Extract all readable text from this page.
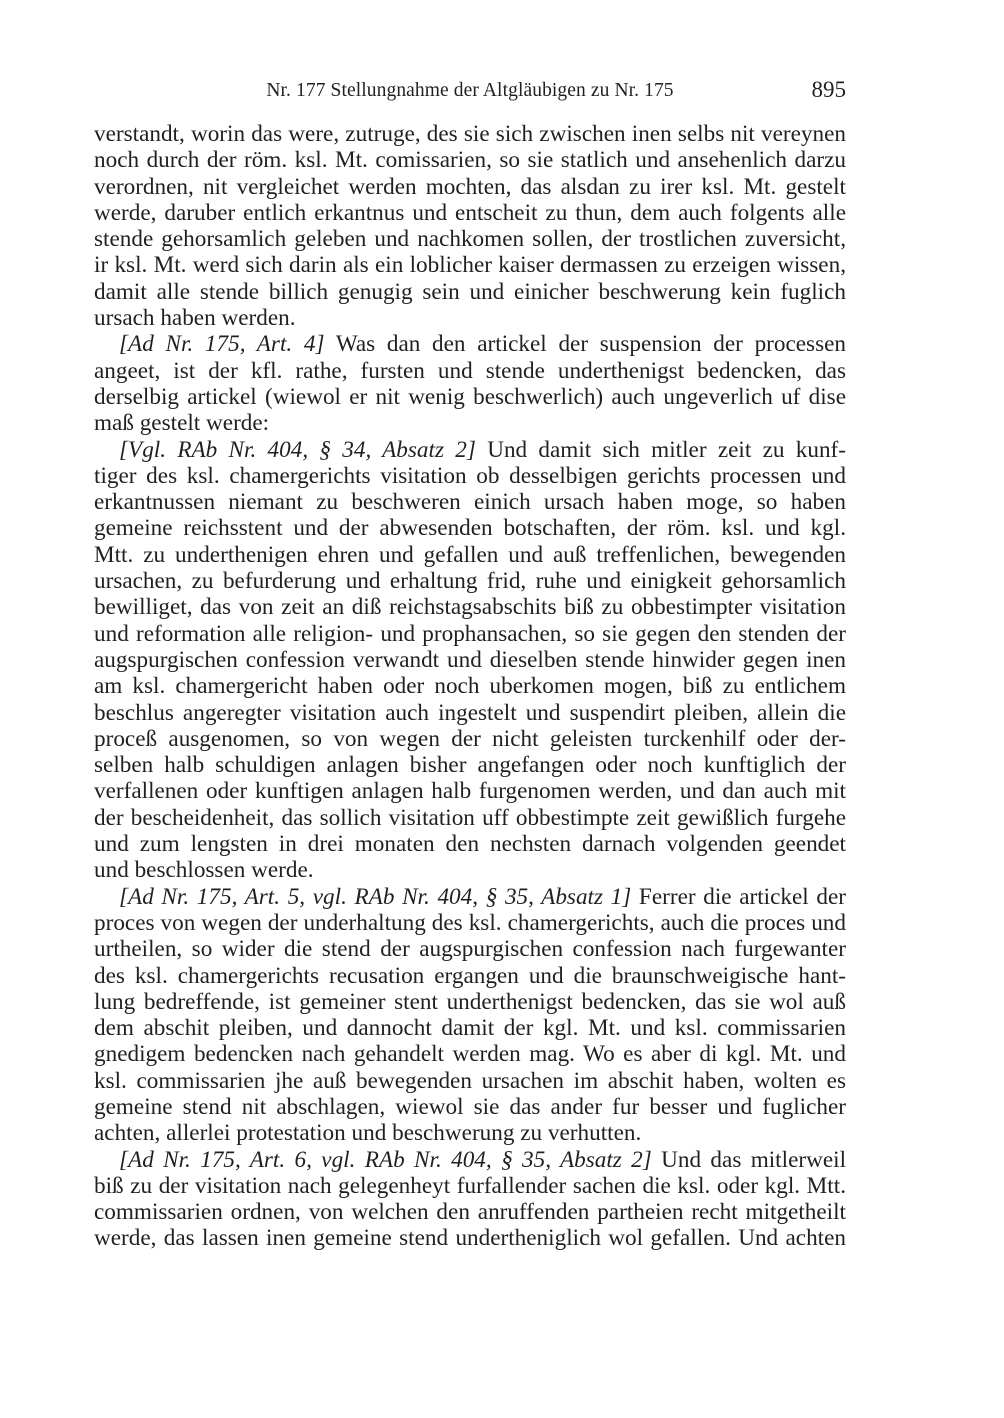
Nr. 177 Stellungnahme der Altgläubigen zu Nr. 175	895
verstandt, worin das were, zutruge, des sie sich zwischen inen selbs nit vereynen
noch durch der röm. ksl. Mt. comissarien, so sie statlich und ansehenlich darzu
verordnen, nit vergleichet werden mochten, das alsdan zu irer ksl. Mt. gestelt
werde, daruber entlich erkantnus und entscheit zu thun, dem auch folgents alle
stende gehorsamlich geleben und nachkomen sollen, der trostlichen zuversicht,
ir ksl. Mt. werd sich darin als ein loblicher kaiser dermassen zu erzeigen wissen,
damit alle stende billich genugig sein und einicher beschwerung kein fuglich
ursach haben werden.
[Ad Nr. 175, Art. 4] Was dan den artickel der suspension der processen
angeet, ist der kfl. rathe, fursten und stende underthenigst bedencken, das
derselbig artickel (wiewol er nit wenig beschwerlich) auch ungeverlich uf dise
maß gestelt werde:
[Vgl. RAb Nr. 404, § 34, Absatz 2] Und damit sich mitler zeit zu kunf-
tiger des ksl. chamergerichts visitation ob desselbigen gerichts processen und
erkantnussen niemant zu beschweren einich ursach haben moge, so haben
gemeine reichsstent und der abwesenden botschaften, der röm. ksl. und kgl.
Mtt. zu underthenigen ehren und gefallen und auß treffenlichen, bewegenden
ursachen, zu befurderung und erhaltung frid, ruhe und einigkeit gehorsamlich
bewilliget, das von zeit an diß reichstagsabschits biß zu obbestimpter visitation
und reformation alle religion- und prophansachen, so sie gegen den stenden der
augspurgischen confession verwandt und dieselben stende hinwider gegen inen
am ksl. chamergericht haben oder noch uberkomen mogen, biß zu entlichem
beschlus angeregter visitation auch ingestelt und suspendirt pleiben, allein die
proceß ausgenomen, so von wegen der nicht geleisten turckenhilf oder der-
selben halb schuldigen anlagen bisher angefangen oder noch kunftiglich der
verfallenen oder kunftigen anlagen halb furgenomen werden, und dan auch mit
der bescheidenheit, das sollich visitation uff obbestimpte zeit gewißlich furgehe
und zum lengsten in drei monaten den nechsten darnach volgenden geendet
und beschlossen werde.
[Ad Nr. 175, Art. 5, vgl. RAb Nr. 404, § 35, Absatz 1] Ferrer die artickel der
proces von wegen der underhaltung des ksl. chamergerichts, auch die proces und
urtheilen, so wider die stend der augspurgischen confession nach furgewanter
des ksl. chamergerichts recusation ergangen und die braunschweigische hant-
lung bedreffende, ist gemeiner stent underthenigst bedencken, das sie wol auß
dem abschit pleiben, und dannocht damit der kgl. Mt. und ksl. commissarien
gnedigem bedencken nach gehandelt werden mag. Wo es aber di kgl. Mt. und
ksl. commissarien jhe auß bewegenden ursachen im abschit haben, wolten es
gemeine stend nit abschlagen, wiewol sie das ander fur besser und fuglicher
achten, allerlei protestation und beschwerung zu verhutten.
[Ad Nr. 175, Art. 6, vgl. RAb Nr. 404, § 35, Absatz 2] Und das mitlerweil
biß zu der visitation nach gelegenheyt furfallender sachen die ksl. oder kgl. Mtt.
commissarien ordnen, von welchen den anruffenden partheien recht mitgetheilt
werde, das lassen inen gemeine stend undertheniglich wol gefallen. Und achten
